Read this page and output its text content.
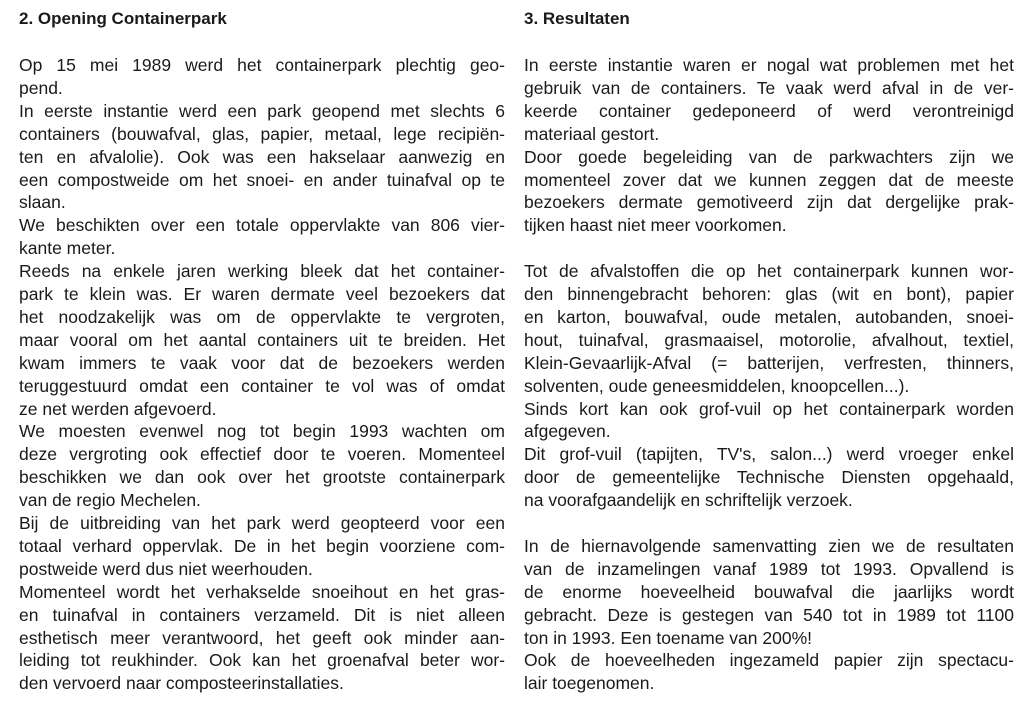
2. Opening Containerpark

Op 15 mei 1989 werd het containerpark plechtig geo-

pend.

In eerste instantie werd een park geopend met slechts 6

containers (bouwafval, glas, papier, metaal, lege recipiën-

ten en afvalolie). Ook was een hakselaar aanwezig en

een compostweide om het snoei- en ander tuinafval op te

slaan.

We beschikten over een totale oppervlakte van 806 vier-

kante meter.

Reeds na enkele jaren werking bleek dat het container-

park te klein was. Er waren dermate veel bezoekers dat

het noodzakelijk was om de oppervlakte te vergroten,

maar vooral om het aantal containers uit te breiden. Het

kwam immers te vaak voor dat de bezoekers werden

teruggestuurd omdat een container te vol was of omdat

ze net werden afgevoerd.

We moesten evenwel nog tot begin 1993 wachten om

deze vergroting ook effectief door te voeren. Momenteel

beschikken we dan ook over het grootste containerpark

van de regio Mechelen.

Bij de uitbreiding van het park werd geopteerd voor een

totaal verhard oppervlak. De in het begin voorziene com-

postweide werd dus niet weerhouden.

Momenteel wordt het verhakselde snoeihout en het gras-

en tuinafval in containers verzameld. Dit is niet alleen

esthetisch meer verantwoord, het geeft ook minder aan-

leiding tot reukhinder. Ook kan het groenafval beter wor-

den vervoerd naar composteerinstallaties.

3. Resultaten

In eerste instantie waren er nogal wat problemen met het

gebruik van de containers. Te vaak werd afval in de ver-

keerde container gedeponeerd of werd verontreinigd

materiaal gestort.

Door goede begeleiding van de parkwachters zijn we

momenteel zover dat we kunnen zeggen dat de meeste

bezoekers dermate gemotiveerd zijn dat dergelijke prak-

tijken haast niet meer voorkomen.

Tot de afvalstoffen die op het containerpark kunnen wor-

den binnengebracht behoren: glas (wit en bont), papier

en karton, bouwafval, oude metalen, autobanden, snoei-

hout, tuinafval, grasmaaisel, motorolie, afvalhout, textiel,

Klein-Gevaarlijk-Afval (= batterijen, verfresten, thinners,

solventen, oude geneesmiddelen, knoopcellen...).

Sinds kort kan ook grof-vuil op het containerpark worden

afgegeven.

Dit grof-vuil (tapijten, TV's, salon...) werd vroeger enkel

door de gemeentelijke Technische Diensten opgehaald,

na voorafgaandelijk en schriftelijk verzoek.

In de hiernavolgende samenvatting zien we de resultaten

van de inzamelingen vanaf 1989 tot 1993. Opvallend is

de enorme hoeveelheid bouwafval die jaarlijks wordt

gebracht. Deze is gestegen van 540 tot in 1989 tot 1100

ton in 1993. Een toename van 200%!

Ook de hoeveelheden ingezameld papier zijn spectacu-

lair toegenomen.
